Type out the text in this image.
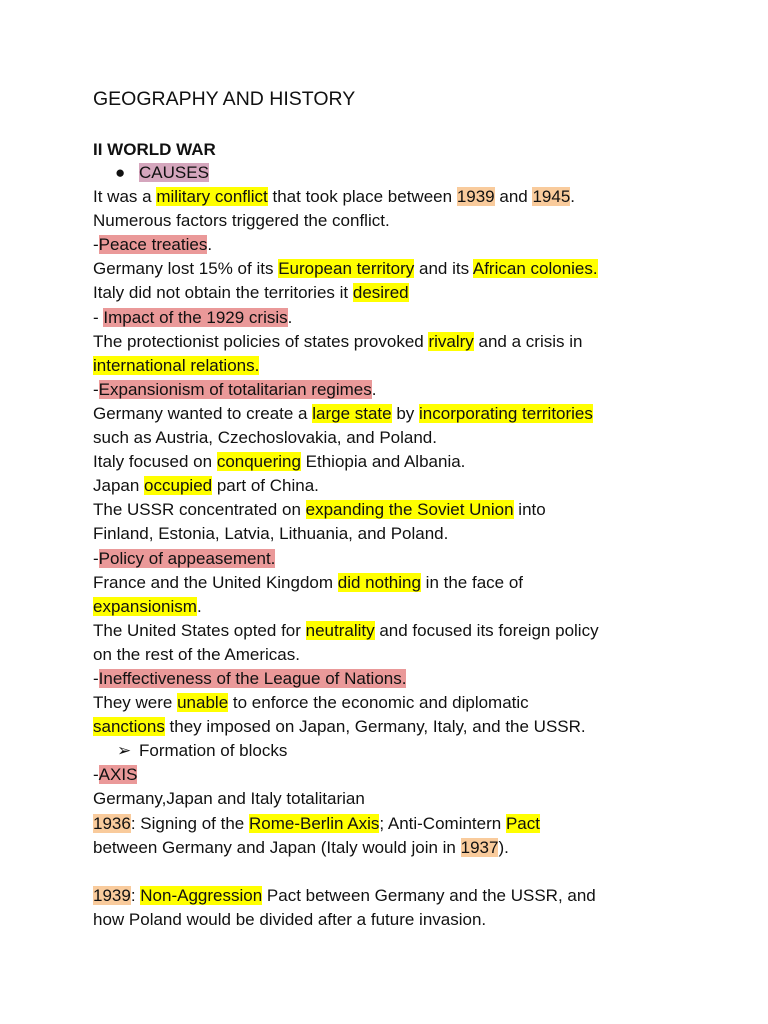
GEOGRAPHY AND HISTORY
II WORLD WAR
● CAUSES
It was a military conflict that took place between 1939 and 1945.
Numerous factors triggered the conflict.
-Peace treaties.
Germany lost 15% of its European territory and its African colonies.
Italy did not obtain the territories it desired
- Impact of the 1929 crisis.
The protectionist policies of states provoked rivalry and a crisis in
international relations.
-Expansionism of totalitarian regimes.
Germany wanted to create a large state by incorporating territories
such as Austria, Czechoslovakia, and Poland.
Italy focused on conquering Ethiopia and Albania.
Japan occupied part of China.
The USSR concentrated on expanding the Soviet Union into
Finland, Estonia, Latvia, Lithuania, and Poland.
-Policy of appeasement.
France and the United Kingdom did nothing in the face of
expansionism.
The United States opted for neutrality and focused its foreign policy
on the rest of the Americas.
-Ineffectiveness of the League of Nations.
They were unable to enforce the economic and diplomatic
sanctions they imposed on Japan, Germany, Italy, and the USSR.
➢ Formation of blocks
-AXIS
Germany,Japan and Italy totalitarian
1936: Signing of the Rome-Berlin Axis; Anti-Comintern Pact
between Germany and Japan (Italy would join in 1937).
1939: Non-Aggression Pact between Germany and the USSR, and
how Poland would be divided after a future invasion.
